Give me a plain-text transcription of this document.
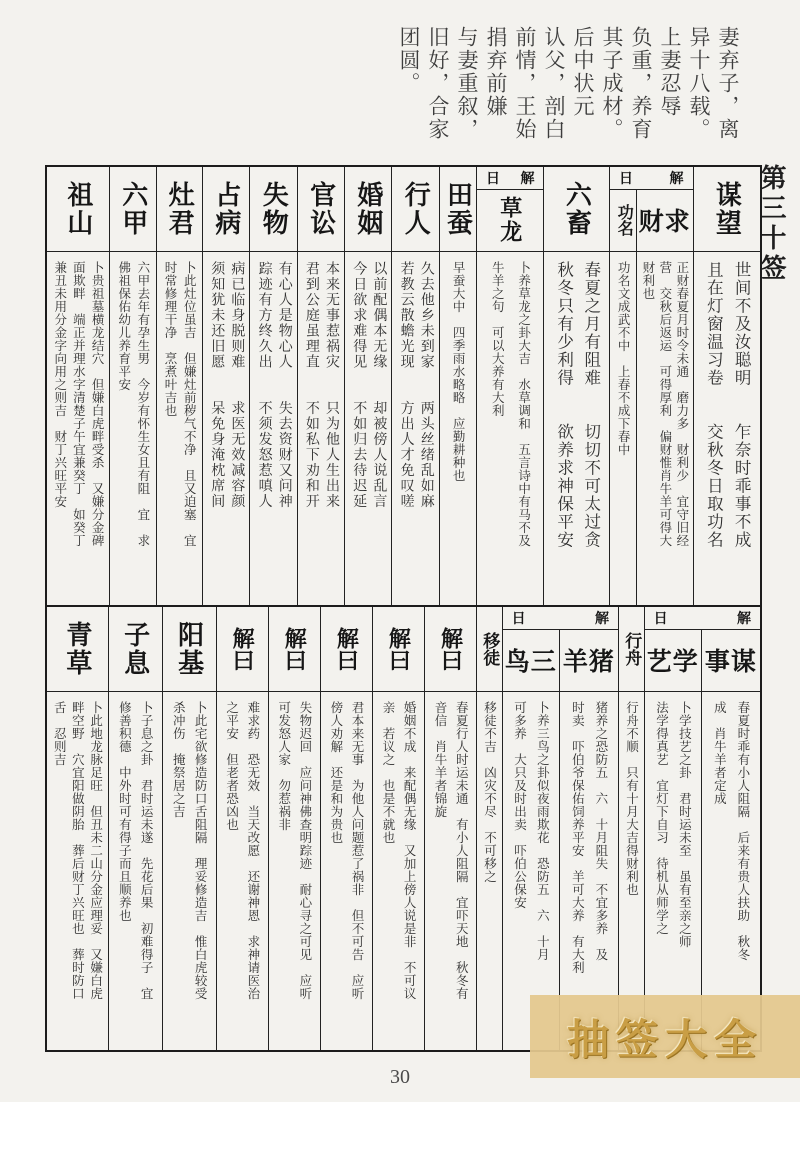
妻弃子，离
异十八载。
上妻忍辱
负重，养育
其子成材。
后中状元
认父，剖白
前情，王始
捐弃前嫌
与妻重叙，
旧好，合家
团圆。
第三十签
谋望
世间不及汝聪明　　乍奈时乖事不成
且在灯窗温习卷　　交秋冬日取功名
日	解
财求
正财春夏月时令未通　磨力多　财利少　宜守旧经
营　交秋后返运　可得厚利　偏财惟肖牛羊可得大
财利也
功名
功名文成武不中　上春不成下春中
六畜
春夏之月有阻难　　切切不可太过贪
秋冬只有少利得　　欲养求神保平安
日 解
草龙
卜养草龙之卦大吉　水草调和　五言诗中有马不及
牛羊之句　可以大养有大利
田蚕
早蚕大中　四季雨水略略　应勤耕种也
行人
久去他乡未到家　　两头丝绪乱如麻
若教云散蟾光现　　方出人才免叹嗟
婚姻
以前配偶本无缘　　却被傍人说乱言
今日欲求难得见　　不如归去待迟延
官讼
本来无事惹祸灾　　只为他人生出来
君到公庭虽理直　　不如私下劝和开
失物
有心人是物心人　　失去资财又问神
踪迹有方终久出　　不须发怒惹嗔人
占病
病已临身脱则难　　求医无效减容颜
须知犹未还旧愿　　呆免身淹枕席间
灶君
卜此灶位虽吉　但嫌灶前秽气不净　且又迫塞　宜
时常修理干净　烹煮叶吉也
六甲
六甲去年有孕生男　今岁有怀生女且有阻　宜　求
佛祖保佑幼儿养育平安
祖山
卜贵祖墓横龙结穴　但嫌白虎畔受杀　又嫌分金碑
面欺畔　端正并理水字清楚子午宜兼癸丁　如癸丁
兼丑未用分金字向用之则吉　财丁兴旺平安
日	解
事谋
春夏时乖有小人阻隔　后来有贵人扶助　秋冬
成　肖牛羊者定成
艺学
卜学技艺之卦　君时运未至　虽有至亲之师
法学得真艺　宜灯下自习　待机从师学之
行舟
行舟不顺　只有十月大吉得财利也
日	解
羊猪
猪养之恐防五　六　十月阻失　不宜多养　及
时卖　吓伯爷保佑饲养平安　羊可大养　有大利
鸟三
卜养三鸟之卦似夜雨欺花　恐防五　六　十月
可多养　大只及时出卖　吓伯公保安
移徒
移徒不吉　凶灾不尽　不可移之
解曰
春夏行人时运未通　有小人阻隔　宜吓天地　秋冬有
音信　肖牛羊者锦旋
解曰
婚姻不成　来配偶无缘　又加上傍人说是非　不可议
亲　若议之　也是不就也
解曰
君本来无事　为他人问题惹了祸非　但不可告　应听
傍人劝解　还是和为贵也
解曰
失物迟回　应问神佛查明踪迹　耐心寻之可见　应听
可发怒人家　勿惹祸非
解曰
难求药　恐无效　当天改愿　还谢神恩　求神请医治
之平安　但老者恐凶也
阳基
卜此宅欲修造防口舌阻隔　理妥修造吉　惟白虎较受
杀冲伤　掩祭居之吉
子息
卜子息之卦　君时运未遂　先花后果　初难得子　宜
修善积德　中外时可有得子而且顺养也
青草
卜此地龙脉足旺　但丑未二山分金应理妥　又嫌白虎
畔空野　穴宜阳做阴胎　葬后财丁兴旺也　葬时防口
舌　忍则吉
抽签大全
30
